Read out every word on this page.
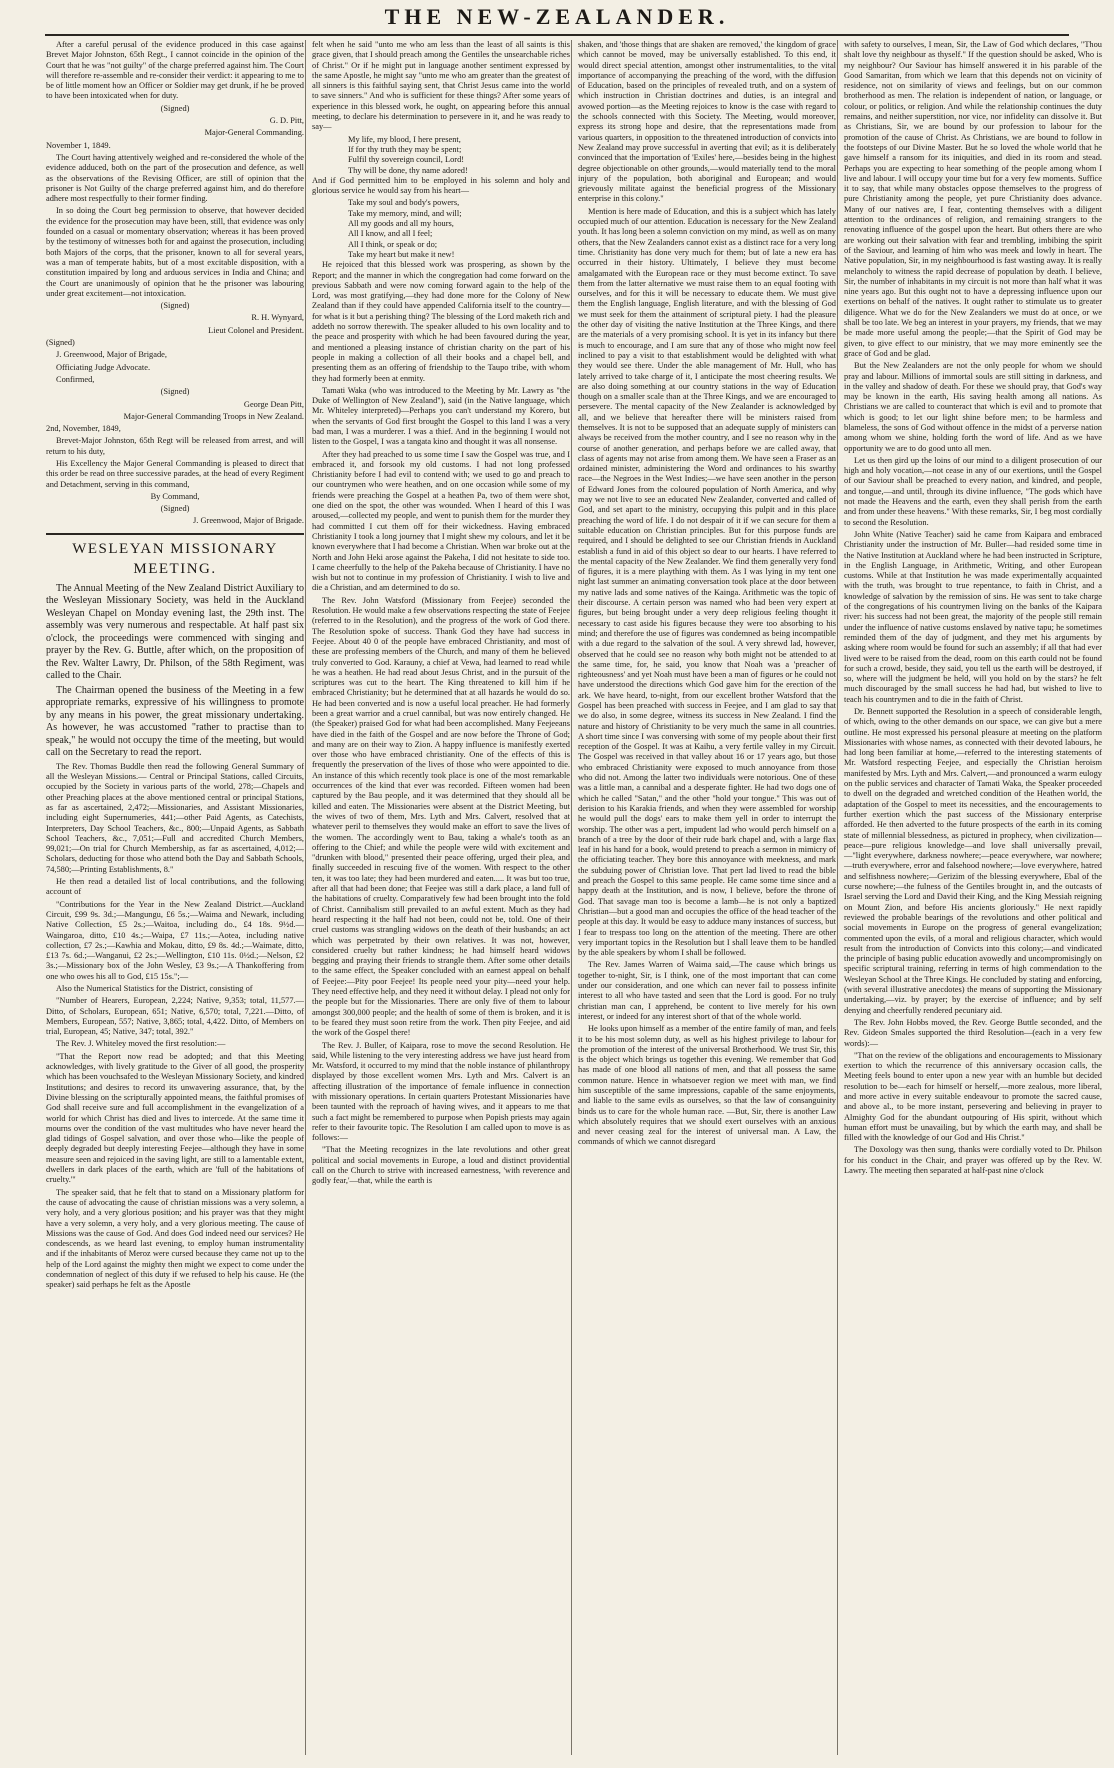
THE NEW-ZEALANDER.

After a careful perusal of the evidence produced in this case against Brevet Major Johnston, 65th Regt., I cannot coincide in the opinion of the Court that he was "not guilty" of the charge preferred against him. The Court will therefore re-assemble and re-consider their verdict: it appearing to me to be of little moment how an Officer or Soldier may get drunk, if he be proved to have been intoxicated when for duty.

(Signed)

G. D. Pitt,

Major-General Commanding.

November 1, 1849.

The Court having attentively weighed and re-considered the whole of the evidence adduced, both on the part of the prosecution and defence, as well as the observations of the Revising Officer, are still of opinion that the prisoner is Not Guilty of the charge preferred against him, and do therefore adhere most respectfully to their former finding.

In so doing the Court beg permission to observe, that however decided the evidence for the prosecution may have been, still, that evidence was only founded on a casual or momentary observation; whereas it has been proved by the testimony of witnesses both for and against the prosecution, including both Majors of the corps, that the prisoner, known to all for several years, was a man of temperate habits, but of a most excitable disposition, with a constitution impaired by long and arduous services in India and China; and the Court are unanimously of opinion that he the prisoner was labouring under great excitement—not intoxication.

(Signed)

R. H. Wynyard,

Lieut Colonel and President.

(Signed)

J. Greenwood, Major of Brigade,

Officiating Judge Advocate.

Confirmed,

(Signed)

George Dean Pitt,

Major-General Commanding Troops in New Zealand.

2nd, November, 1849,

Brevet-Major Johnston, 65th Regt will be released from arrest, and will return to his duty,

His Excellency the Major General Commanding is pleased to direct that this order be read on three successive parades, at the head of every Regiment and Detachment, serving in this command,

By Command,

(Signed)

J. Greenwood, Major of Brigade.

WESLEYAN MISSIONARY MEETING.

The Annual Meeting of the New Zealand District Auxiliary to the Wesleyan Missionary Society, was held in the Auckland Wesleyan Chapel on Monday evening last, the 29th inst. The assembly was very numerous and respectable. At half past six o'clock, the proceedings were commenced with singing and prayer by the Rev. G. Buttle, after which, on the proposition of the Rev. Walter Lawry, Dr. Philson, of the 58th Regiment, was called to the Chair.

The Chairman opened the business of the Meeting in a few appropriate remarks, expressive of his willingness to promote by any means in his power, the great missionary undertaking. As however, he was accustomed "rather to practise than to speak," he would not occupy the time of the meeting, but would call on the Secretary to read the report.

The Rev. Thomas Buddle then read the following General Summary of all the Wesleyan Missions.— Central or Principal Stations, called Circuits, occupied by the Society in various parts of the world, 278;—Chapels and other Preaching places at the above mentioned central or principal Stations, as far as ascertained, 2,472;—Missionaries, and Assistant Missionaries, including eight Supernumeries, 441;—other Paid Agents, as Catechists, Interpreters, Day School Teachers, &c., 800;—Unpaid Agents, as Sabbath School Teachers, &c., 7,051;—Full and accredited Church Members, 99,021;—On trial for Church Membership, as far as ascertained, 4,012;—Scholars, deducting for those who attend both the Day and Sabbath Schools, 74,580;—Printing Establishments, 8."

He then read a detailed list of local contributions, and the following account of

"Contributions for the Year in the New Zealand District.—Auckland Circuit, £99 9s. 3d.;—Mangungu, £6 5s.;—Waima and Newark, including Native Collection, £5 2s.;—Waitoa, including do., £4 18s. 9½d.—Waingaroa, ditto, £10 4s.;—Waipa, £7 11s.;—Aotea, including native collection, £7 2s.;—Kawhia and Mokau, ditto, £9 8s. 4d.;—Waimate, ditto, £13 7s. 6d.;—Wanganui, £2 2s.;—Wellington, £10 11s. 0½d.;—Nelson, £2 3s.;—Missionary box of the John Wesley, £3 9s.;—A Thankoffering from one who owes his all to God, £15 15s.";—

Also the Numerical Statistics for the District, consisting of

"Number of Hearers, European, 2,224; Native, 9,353; total, 11,577.—Ditto, of Scholars, European, 651; Native, 6,570; total, 7,221.—Ditto, of Members, European, 557; Native, 3,865; total, 4,422. Ditto, of Members on trial, European, 45; Native, 347; total, 392."

The Rev. J. Whiteley moved the first resolution:—

"That the Report now read be adopted; and that this Meeting acknowledges, with lively gratitude to the Giver of all good, the prosperity which has been vouchsafed to the Wesleyan Missionary Society, and kindred Institutions; and desires to record its unwavering assurance, that, by the Divine blessing on the scripturally appointed means, the faithful promises of God shall receive sure and full accomplishment in the evangelization of a world for which Christ has died and lives to intercede. At the same time it mourns over the condition of the vast multitudes who have never heard the glad tidings of Gospel salvation, and over those who—like the people of deeply degraded but deeply interesting Feejee—although they have in some measure seen and rejoiced in the saving light, are still to a lamentable extent, dwellers in dark places of the earth, which are 'full of the habitations of cruelty.'"

The speaker said, that he felt that to stand on a Missionary platform for the cause of advocating the cause of christian missions was a very solemn, a very holy, and a very glorious position; and his prayer was that they might have a very solemn, a very holy, and a very glorious meeting. The cause of Missions was the cause of God. And does God indeed need our services? He condescends, as we heard last evening, to employ human instrumentality and if the inhabitants of Meroz were cursed because they came not up to the help of the Lord against the mighty then might we expect to come under the condemnation of neglect of this duty if we refused to help his cause. He (the speaker) said perhaps he felt as the Apostle

felt when he said "unto me who am less than the least of all saints is this grace given, that I should preach among the Gentiles the unsearchable riches of Christ." Or if he might put in language another sentiment expressed by the same Apostle, he might say "unto me who am greater than the greatest of all sinners is this faithful saying sent, that Christ Jesus came into the world to save sinners." And who is sufficient for these things? After some years of experience in this blessed work, he ought, on appearing before this annual meeting, to declare his determination to persevere in it, and he was ready to say—

My life, my blood, I here present,

If for thy truth they may be spent;

Fulfil thy sovereign council, Lord!

Thy will be done, thy name adored!

And if God permitted him to be employed in his solemn and holy and glorious service he would say from his heart—

Take my soul and body's powers,

Take my memory, mind, and will;

All my goods and all my hours,

All I know, and all I feel;

All I think, or speak or do;

Take my heart but make it new!

He rejoiced that this blessed work was prospering, as shown by the Report; and the manner in which the congregation had come forward on the previous Sabbath and were now coming forward again to the help of the Lord, was most gratifying,—they had done more for the Colony of New Zealand than if they could have appended California itself to the country—for what is it but a perishing thing? The blessing of the Lord maketh rich and addeth no sorrow therewith. The speaker alluded to his own locality and to the peace and prosperity with which he had been favoured during the year, and mentioned a pleasing instance of christian charity on the part of his people in making a collection of all their books and a chapel bell, and presenting them as an offering of friendship to the Taupo tribe, with whom they had formerly been at enmity.

Tamati Waka (who was introduced to the Meeting by Mr. Lawry as "the Duke of Wellington of New Zealand"), said (in the Native language, which Mr. Whiteley interpreted)—Perhaps you can't understand my Korero, but when the servants of God first brought the Gospel to this land I was a very bad man, I was a murderer. I was a thief. And in the beginning I would not listen to the Gospel, I was a tangata kino and thought it was all nonsense.

After they had preached to us some time I saw the Gospel was true, and I embraced it, and forsook my old customs. I had not long professed Christianity before I had evil to contend with; we used to go and preach to our countrymen who were heathen, and on one occasion while some of my friends were preaching the Gospel at a heathen Pa, two of them were shot, one died on the spot, the other was wounded. When I heard of this I was aroused,—collected my people, and went to punish them for the murder they had committed I cut them off for their wickedness. Having embraced Christianity I took a long journey that I might shew my colours, and let it be known everywhere that I had become a Christian. When war broke out at the North and John Heki arose against the Pakeha, I did not hesitate to side too. I came cheerfully to the help of the Pakeha because of Christianity. I have no wish but not to continue in my profession of Christianity. I wish to live and die a Christian, and am determined to do so.

The Rev. John Watsford (Missionary from Feejee) seconded the Resolution. He would make a few observations respecting the state of Feejee (referred to in the Resolution), and the progress of the work of God there. The Resolution spoke of success. Thank God they have had success in Feejee. About 40 0 of the people have embraced Christianity, and most of these are professing members of the Church, and many of them he believed truly converted to God. Karauny, a chief at Vewa, had learned to read while he was a heathen. He had read about Jesus Christ, and in the pursuit of the scriptures was cut to the heart. The King threatened to kill him if he embraced Christianity; but he determined that at all hazards he would do so. He had been converted and is now a useful local preacher. He had formerly been a great warrior and a cruel cannibal, but was now entirely changed. He (the Speaker) praised God for what had been accomplished. Many Feejeeans have died in the faith of the Gospel and are now before the Throne of God; and many are on their way to Zion. A happy influence is manifestly exerted over those who have embraced christianity. One of the effects of this is frequently the preservation of the lives of those who were appointed to die. An instance of this which recently took place is one of the most remarkable occurrences of the kind that ever was recorded. Fifteen women had been captured by the Bau people, and it was determined that they should all be killed and eaten. The Missionaries were absent at the District Meeting, but the wives of two of them, Mrs. Lyth and Mrs. Calvert, resolved that at whatever peril to themselves they would make an effort to save the lives of the women. The accordingly went to Bau, taking a whale's tooth as an offering to the Chief; and while the people were wild with excitement and "drunken with blood," presented their peace offering, urged their plea, and finally succeeded in rescuing five of the women. With respect to the other ten, it was too late; they had been murdered and eaten..... It was but too true, after all that had been done; that Feejee was still a dark place, a land full of the habitations of cruelty. Comparatively few had been brought into the fold of Christ. Cannibalism still prevailed to an awful extent. Much as they had heard respecting it the half had not been, could not be, told. One of their cruel customs was strangling widows on the death of their husbands; an act which was perpetrated by their own relatives. It was not, however, considered cruelty but rather kindness; he had himself heard widows begging and praying their friends to strangle them. After some other details to the same effect, the Speaker concluded with an earnest appeal on behalf of Feejee:—Pity poor Feejee! Its people need your pity—need your help. They need effective help, and they need it without delay. I plead not only for the people but for the Missionaries. There are only five of them to labour amongst 300,000 people; and the health of some of them is broken, and it is to be feared they must soon retire from the work. Then pity Feejee, and aid the work of the Gospel there!

The Rev. J. Buller, of Kaipara, rose to move the second Resolution. He said, While listening to the very interesting address we have just heard from Mr. Watsford, it occurred to my mind that the noble instance of philanthropy displayed by those excellent women Mrs. Lyth and Mrs. Calvert is an affecting illustration of the importance of female influence in connection with missionary operations. In certain quarters Protestant Missionaries have been taunted with the reproach of having wives, and it appears to me that such a fact might be remembered to purpose when Popish priests may again refer to their favourite topic. The Resolution I am called upon to move is as follows:—

"That the Meeting recognizes in the late revolutions and other great political and social movements in Europe, a loud and distinct providential call on the Church to strive with increased earnestness, 'with reverence and godly fear,'—that, while the earth is

shaken, and 'those things that are shaken are removed,' the kingdom of grace which cannot be moved, may be universally established. To this end, it would direct special attention, amongst other instrumentalities, to the vital importance of accompanying the preaching of the word, with the diffusion of Education, based on the principles of revealed truth, and on a system of which instruction in Christian doctrines and duties, is an integral and avowed portion—as the Meeting rejoices to know is the case with regard to the schools connected with this Society. The Meeting, would moreover, express its strong hope and desire, that the representations made from various quarters, in opposition to the threatened introduction of convicts into New Zealand may prove successful in averting that evil; as it is deliberately convinced that the importation of 'Exiles' here,—besides being in the highest degree objectionable on other grounds,—would materially tend to the moral injury of the population, both aboriginal and European; and would grievously militate against the beneficial progress of the Missionary enterprise in this colony."

Mention is here made of Education, and this is a subject which has lately occupied much of our attention. Education is necessary for the New Zealand youth. It has long been a solemn conviction on my mind, as well as on many others, that the New Zealanders cannot exist as a distinct race for a very long time. Christianity has done very much for them; but of late a new era has occurred in their history. Ultimately, I believe they must become amalgamated with the European race or they must become extinct. To save them from the latter alternative we must raise them to an equal footing with ourselves, and for this it will be necessary to educate them. We must give them the English language, English literature, and with the blessing of God we must seek for them the attainment of scriptural piety. I had the pleasure the other day of visiting the native Institution at the Three Kings, and there are the materials of a very promising school. It is yet in its infancy but there is much to encourage, and I am sure that any of those who might now feel inclined to pay a visit to that establishment would be delighted with what they would see there. Under the able management of Mr. Hull, who has lately arrived to take charge of it, I anticipate the most cheering results. We are also doing something at our country stations in the way of Education though on a smaller scale than at the Three Kings, and we are encouraged to persevere. The mental capacity of the New Zealander is acknowledged by all, and we believe that hereafter there will be ministers raised from themselves. It is not to be supposed that an adequate supply of ministers can always be received from the mother country, and I see no reason why in the course of another generation, and perhaps before we are called away, that class of agents may not arise from among them. We have seen a Fraser as an ordained minister, administering the Word and ordinances to his swarthy race—the Negroes in the West Indies;—we have seen another in the person of Edward Jones from the coloured population of North America, and why may we not live to see an educated New Zealander, converted and called of God, and set apart to the ministry, occupying this pulpit and in this place preaching the word of life. I do not despair of it if we can secure for them a suitable education on Christian principles. But for this purpose funds are required, and I should be delighted to see our Christian friends in Auckland establish a fund in aid of this object so dear to our hearts. I have referred to the mental capacity of the New Zealander. We find them generally very fond of figures, it is a mere plaything with them. As I was lying in my tent one night last summer an animating conversation took place at the door between my native lads and some natives of the Kainga. Arithmetic was the topic of their discourse. A certain person was named who had been very expert at figures, but being brought under a very deep religious feeling thought it necessary to cast aside his figures because they were too absorbing to his mind; and therefore the use of figures was condemned as being incompatible with a due regard to the salvation of the soul. A very shrewd lad, however, observed that he could see no reason why both might not be attended to at the same time, for, he said, you know that Noah was a 'preacher of righteousness' and yet Noah must have been a man of figures or he could not have understood the directions which God gave him for the erection of the ark. We have heard, to-night, from our excellent brother Watsford that the Gospel has been preached with success in Feejee, and I am glad to say that we do also, in some degree, witness its success in New Zealand. I find the nature and history of Christianity to be very much the same in all countries. A short time since I was conversing with some of my people about their first reception of the Gospel. It was at Kaihu, a very fertile valley in my Circuit. The Gospel was received in that valley about 16 or 17 years ago, but those who embraced Christianity were exposed to much annoyance from those who did not. Among the latter two individuals were notorious. One of these was a little man, a cannibal and a desperate fighter. He had two dogs one of which he called "Satan," and the other "hold your tongue." This was out of derision to his Karakia friends, and when they were assembled for worship he would pull the dogs' ears to make them yell in order to interrupt the worship. The other was a pert, impudent lad who would perch himself on a branch of a tree by the door of their rude bark chapel and, with a large flax leaf in his hand for a book, would pretend to preach a sermon in mimicry of the officiating teacher. They bore this annoyance with meekness, and mark the subduing power of Christian love. That pert lad lived to read the bible and preach the Gospel to this same people. He came some time since and a happy death at the Institution, and is now, I believe, before the throne of God. That savage man too is become a lamb—he is not only a baptized Christian—but a good man and occupies the office of the head teacher of the people at this day. It would be easy to adduce many instances of success, but I fear to trespass too long on the attention of the meeting. There are other very important topics in the Resolution but I shall leave them to be handled by the able speakers by whom I shall be followed.

The Rev. James Warren of Waima said,—The cause which brings us together to-night, Sir, is I think, one of the most important that can come under our consideration, and one which can never fail to possess infinite interest to all who have tasted and seen that the Lord is good. For no truly christian man can, I apprehend, be content to live merely for his own interest, or indeed for any interest short of that of the whole world.

He looks upon himself as a member of the entire family of man, and feels it to be his most solemn duty, as well as his highest privilege to labour for the promotion of the interest of the universal Brotherhood. We trust Sir, this is the object which brings us together this evening. We remember that God has made of one blood all nations of men, and that all possess the same common nature. Hence in whatsoever region we meet with man, we find him susceptible of the same impressions, capable of the same enjoyments, and liable to the same evils as ourselves, so that the law of consanguinity binds us to care for the whole human race. —But, Sir, there is another Law which absolutely requires that we should exert ourselves with an anxious and never ceasing zeal for the interest of universal man. A Law, the commands of which we cannot disregard

with safety to ourselves, I mean, Sir, the Law of God which declares, "Thou shalt love thy neighbour as thyself." If the question should be asked, Who is my neighbour? Our Saviour has himself answered it in his parable of the Good Samaritan, from which we learn that this depends not on vicinity of residence, not on similarity of views and feelings, but on our common brotherhood as men. The relation is independent of nation, or language, or colour, or politics, or religion. And while the relationship continues the duty remains, and neither superstition, nor vice, nor infidelity can dissolve it. But as Christians, Sir, we are bound by our profession to labour for the promotion of the cause of Christ. As Christians, we are bound to follow in the footsteps of our Divine Master. But he so loved the whole world that he gave himself a ransom for its iniquities, and died in its room and stead. Perhaps you are expecting to hear something of the people among whom I live and labour. I will occupy your time but for a very few moments. Suffice it to say, that while many obstacles oppose themselves to the progress of pure Christianity among the people, yet pure Christianity does advance. Many of our natives are, I fear, contenting themselves with a diligent attention to the ordinances of religion, and remaining strangers to the renovating influence of the gospel upon the heart. But others there are who are working out their salvation with fear and trembling, imbibing the spirit of the Saviour, and learning of him who was meek and lowly in heart. The Native population, Sir, in my neighbourhood is fast wasting away. It is really melancholy to witness the rapid decrease of population by death. I believe, Sir, the number of inhabitants in my circuit is not more than half what it was nine years ago. But this ought not to have a depressing influence upon our exertions on behalf of the natives. It ought rather to stimulate us to greater diligence. What we do for the New Zealanders we must do at once, or we shall be too late. We beg an interest in your prayers, my friends, that we may be made more useful among the people;—that the Spirit of God may be given, to give effect to our ministry, that we may more eminently see the grace of God and be glad.

But the New Zealanders are not the only people for whom we should pray and labour. Millions of immortal souls are still sitting in darkness, and in the valley and shadow of death. For these we should pray, that God's way may be known in the earth, His saving health among all nations. As Christians we are called to counteract that which is evil and to promote that which is good; to let our light shine before men; to be harmless and blameless, the sons of God without offence in the midst of a perverse nation among whom we shine, holding forth the word of life. And as we have opportunity we are to do good unto all men.

Let us then gird up the loins of our mind to a diligent prosecution of our high and holy vocation,—not cease in any of our exertions, until the Gospel of our Saviour shall be preached to every nation, and kindred, and people, and tongue,—and until, through its divine influence, "The gods which have not made the Heavens and the earth, even they shall perish from the earth and from under these heavens." With these remarks, Sir, I beg most cordially to second the Resolution.

John White (Native Teacher) said he came from Kaipara and embraced Christianity under the instruction of Mr. Buller—had resided some time in the Native Institution at Auckland where he had been instructed in Scripture, in the English Language, in Arithmetic, Writing, and other European customs. While at that Institution he was made experimentally acquainted with the truth, was brought to true repentance, to faith in Christ, and a knowledge of salvation by the remission of sins. He was sent to take charge of the congregations of his countrymen living on the banks of the Kaipara river: his success had not been great, the majority of the people still remain under the influence of native customs enslaved by native tapu; he sometimes reminded them of the day of judgment, and they met his arguments by asking where room would be found for such an assembly; if all that had ever lived were to be raised from the dead, room on this earth could not be found for such a crowd, beside, they said, you tell us the earth will be destroyed, if so, where will the judgment be held, will you hold on by the stars? he felt much discouraged by the small success he had had, but wished to live to teach his countrymen and to die in the faith of Christ.

Dr. Bennett supported the Resolution in a speech of considerable length, of which, owing to the other demands on our space, we can give but a mere outline. He most expressed his personal pleasure at meeting on the platform Missionaries with whose names, as connected with their devoted labours, he had long been familiar at home,—referred to the interesting statements of Mr. Watsford respecting Feejee, and especially the Christian heroism manifested by Mrs. Lyth and Mrs. Calvert,—and pronounced a warm eulogy on the public services and character of Tamati Waka, the Speaker proceeded to dwell on the degraded and wretched condition of the Heathen world, the adaptation of the Gospel to meet its necessities, and the encouragements to further exertion which the past success of the Missionary enterprise afforded. He then adverted to the future prospects of the earth in its coming state of millennial blessedness, as pictured in prophecy, when civilization—peace—pure religious knowledge—and love shall universally prevail,—"light everywhere, darkness nowhere;—peace everywhere, war nowhere;—truth everywhere, error and falsehood nowhere;—love everywhere, hatred and selfishness nowhere;—Gerizim of the blessing everywhere, Ebal of the curse nowhere;—the fulness of the Gentiles brought in, and the outcasts of Israel serving the Lord and David their King, and the King Messiah reigning on Mount Zion, and before His ancients gloriously." He next rapidly reviewed the probable bearings of the revolutions and other political and social movements in Europe on the progress of general evangelization; commented upon the evils, of a moral and religious character, which would result from the introduction of Convicts into this colony;—and vindicated the principle of basing public education avowedly and uncompromisingly on specific scriptural training, referring in terms of high commendation to the Wesleyan School at the Three Kings. He concluded by stating and enforcing, (with several illustrative anecdotes) the means of supporting the Missionary undertaking,—viz. by prayer; by the exercise of influence; and by self denying and cheerfully rendered pecuniary aid.

The Rev. John Hobbs moved, the Rev. George Buttle seconded, and the Rev. Gideon Smales supported the third Resolution—(each in a very few words):—

"That on the review of the obligations and encouragements to Missionary exertion to which the recurrence of this anniversary occasion calls, the Meeting feels bound to enter upon a new year with an humble but decided resolution to be—each for himself or herself,—more zealous, more liberal, and more active in every suitable endeavour to promote the sacred cause, and above al., to be more instant, persevering and believing in prayer to Almighty God for the abundant outpouring of His spirit, without which human effort must be unavailing, but by which the earth may, and shall be filled with the knowledge of our God and His Christ."

The Doxology was then sung, thanks were cordially voted to Dr. Philson for his conduct in the Chair, and prayer was offered up by the Rev. W. Lawry. The meeting then separated at half-past nine o'clock
